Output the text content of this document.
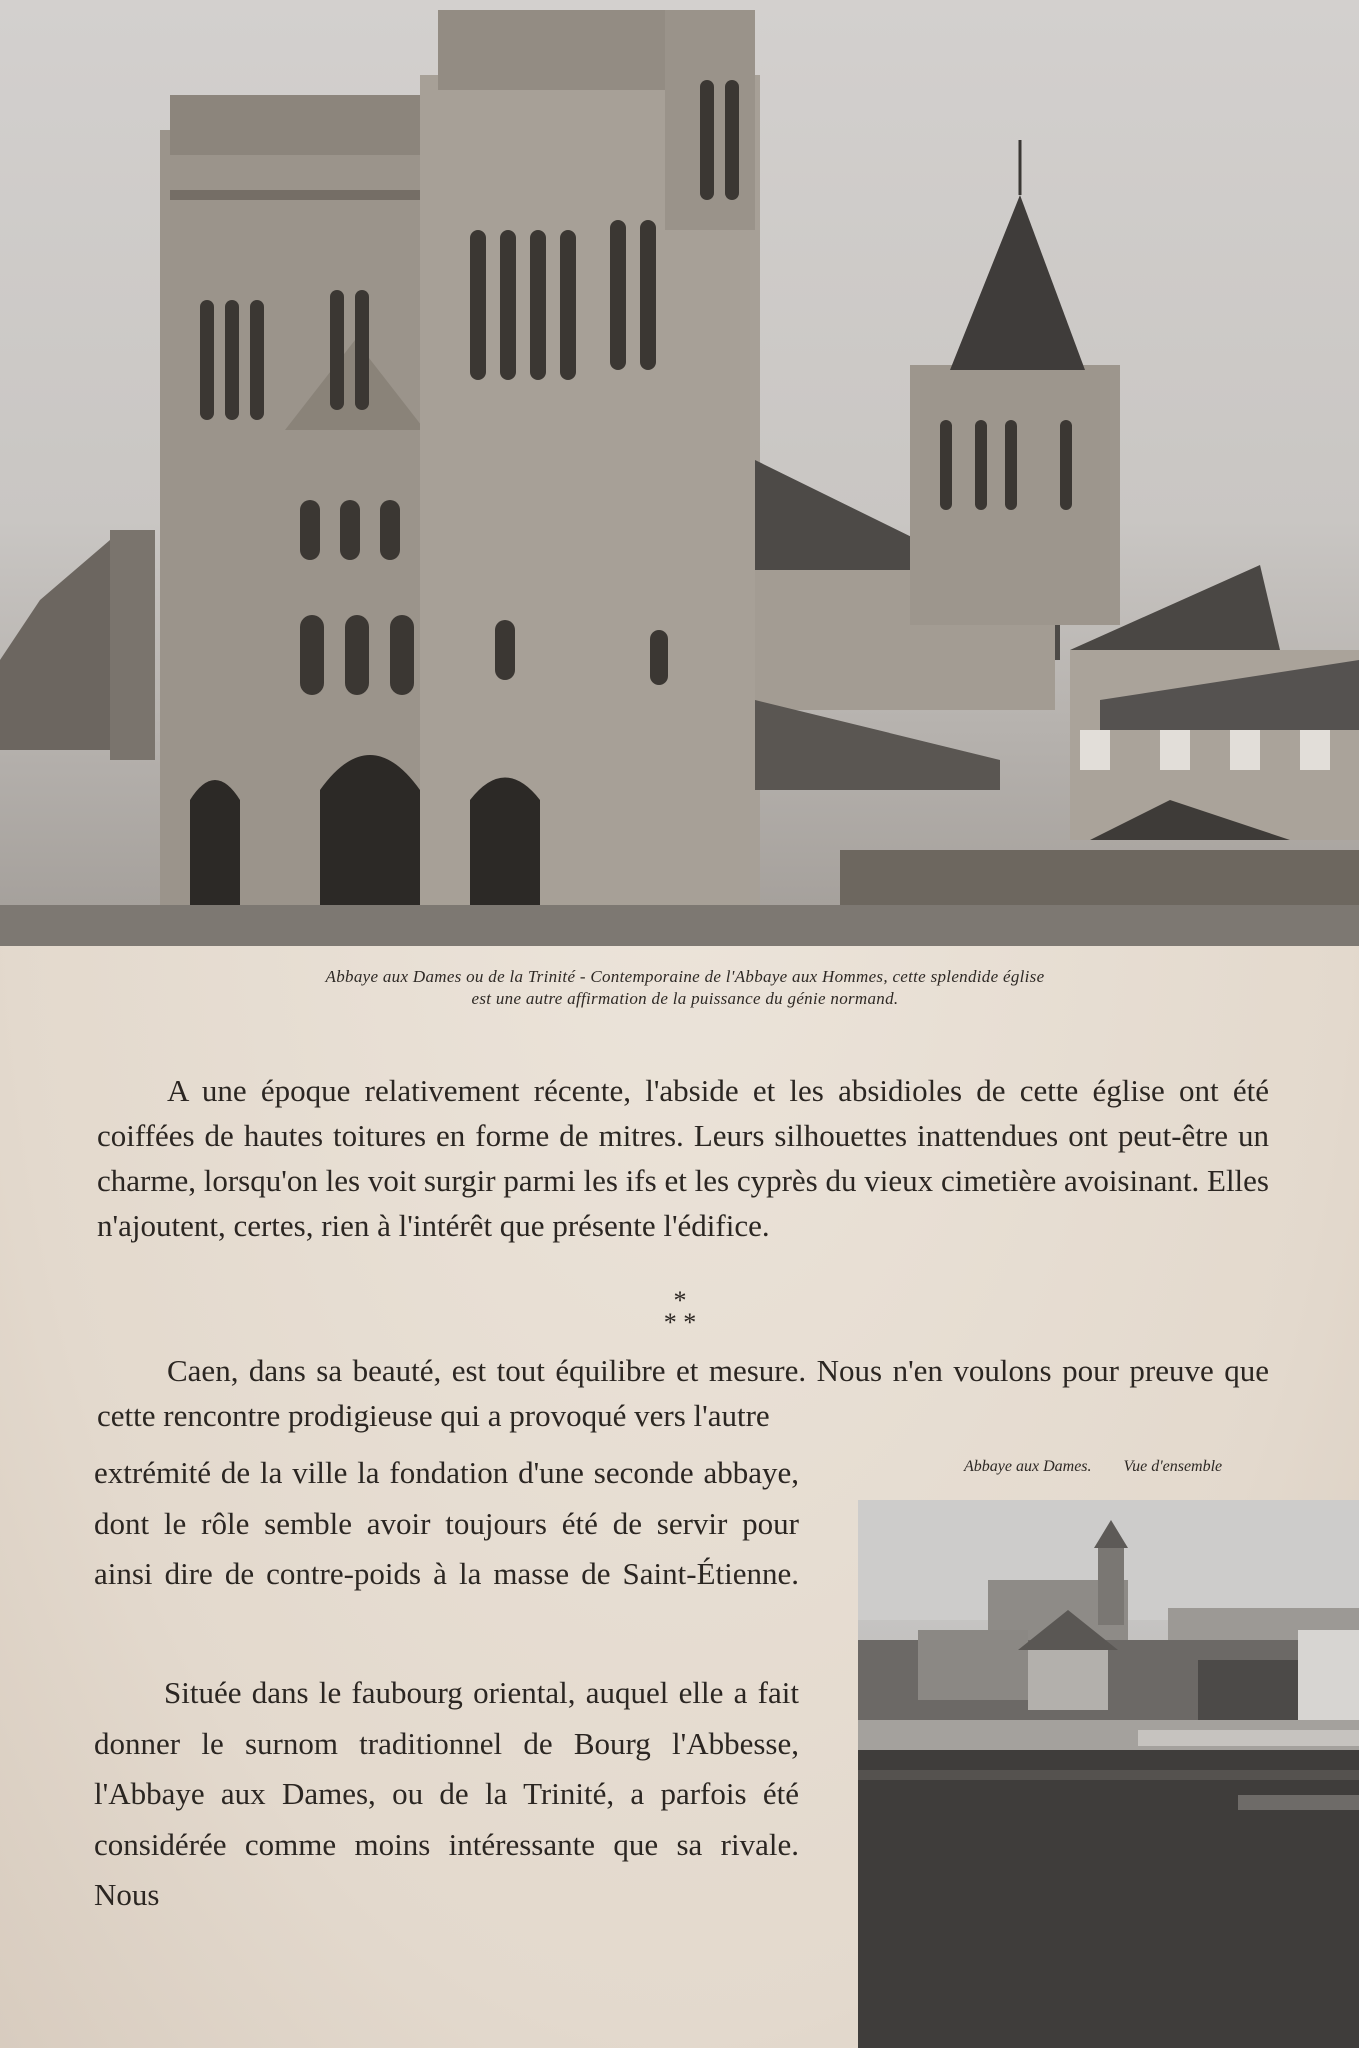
Abbaye aux Dames ou de la Trinité - Contemporaine de l'Abbaye aux Hommes, cette splendide église
est une autre affirmation de la puissance du génie normand.
A une époque relativement récente, l'abside et les absidioles de cette église ont été coiffées de hautes toitures en forme de mitres. Leurs silhouettes inattendues ont peut-être un charme, lorsqu'on les voit surgir parmi les ifs et les cyprès du vieux cimetière avoisinant. Elles n'ajoutent, certes, rien à l'intérêt que présente l'édifice.
*
* *
Caen, dans sa beauté, est tout équilibre et mesure. Nous n'en voulons pour preuve que cette rencontre prodigieuse qui a provoqué vers l'autre
extrémité de la ville la fondation d'une seconde abbaye, dont le rôle semble avoir toujours été de servir pour ainsi dire de contre-poids à la masse de Saint-Étienne.
Située dans le faubourg oriental, auquel elle a fait donner le surnom traditionnel de Bourg l'Abbesse, l'Abbaye aux Dames, ou de la Trinité, a parfois été considérée comme moins intéressante que sa rivale. Nous
Abbaye aux Dames. Vue d'ensemble
